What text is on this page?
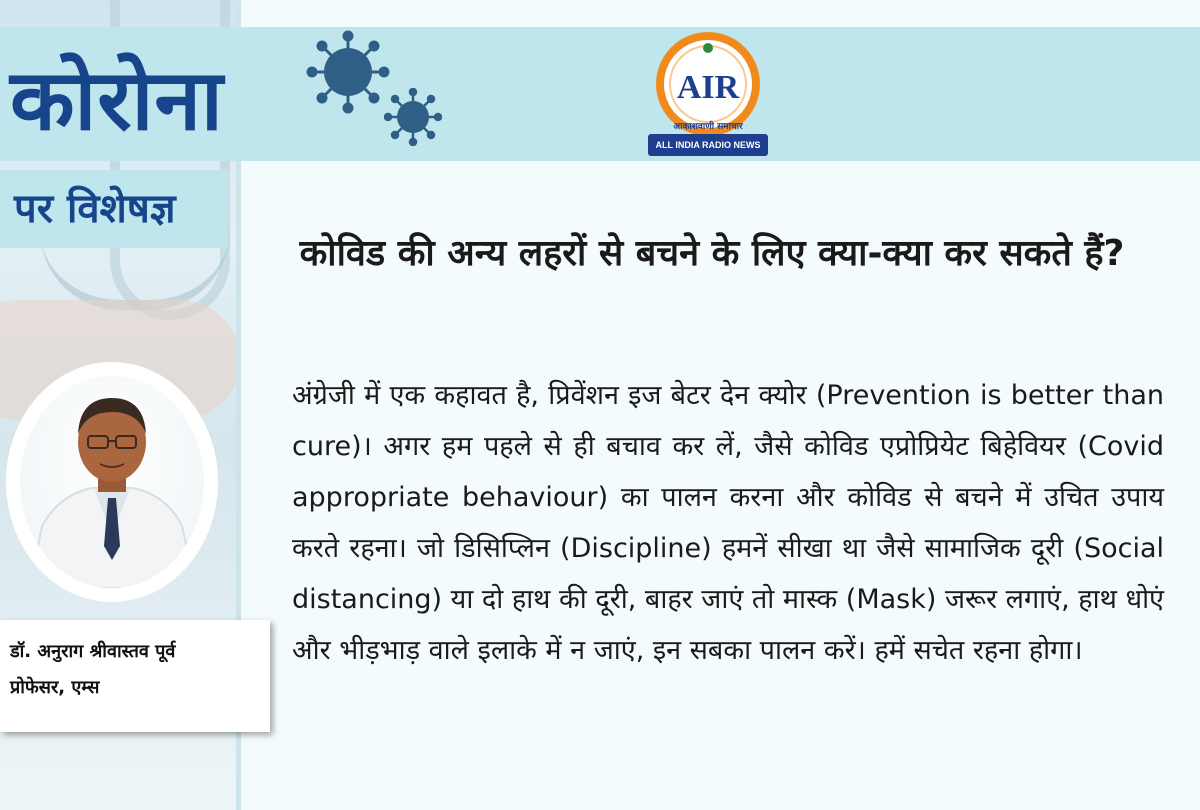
कोरोना
पर विशेषज्ञ
AIR
आकाशवाणी समाचार
ALL INDIA RADIO NEWS
कोविड की अन्य लहरों से बचने के लिए क्या-क्या कर सकते हैं?
अंग्रेजी में एक कहावत है, प्रिवेंशन इज बेटर देन क्योर (Prevention is better than cure)। अगर हम पहले से ही बचाव कर लें, जैसे कोविड एप्रोप्रियेट बिहेवियर (Covid appropriate behaviour) का पालन करना और कोविड से बचने में उचित उपाय करते रहना। जो डिसिप्लिन (Discipline) हमनें सीखा था जैसे सामाजिक दूरी (Social distancing) या दो हाथ की दूरी, बाहर जाएं तो मास्क (Mask) जरूर लगाएं, हाथ धोएं और भीड़भाड़ वाले इलाके में न जाएं, इन सबका पालन करें। हमें सचेत रहना होगा।
डॉ. अनुराग श्रीवास्तव पूर्व
प्रोफेसर, एम्स
